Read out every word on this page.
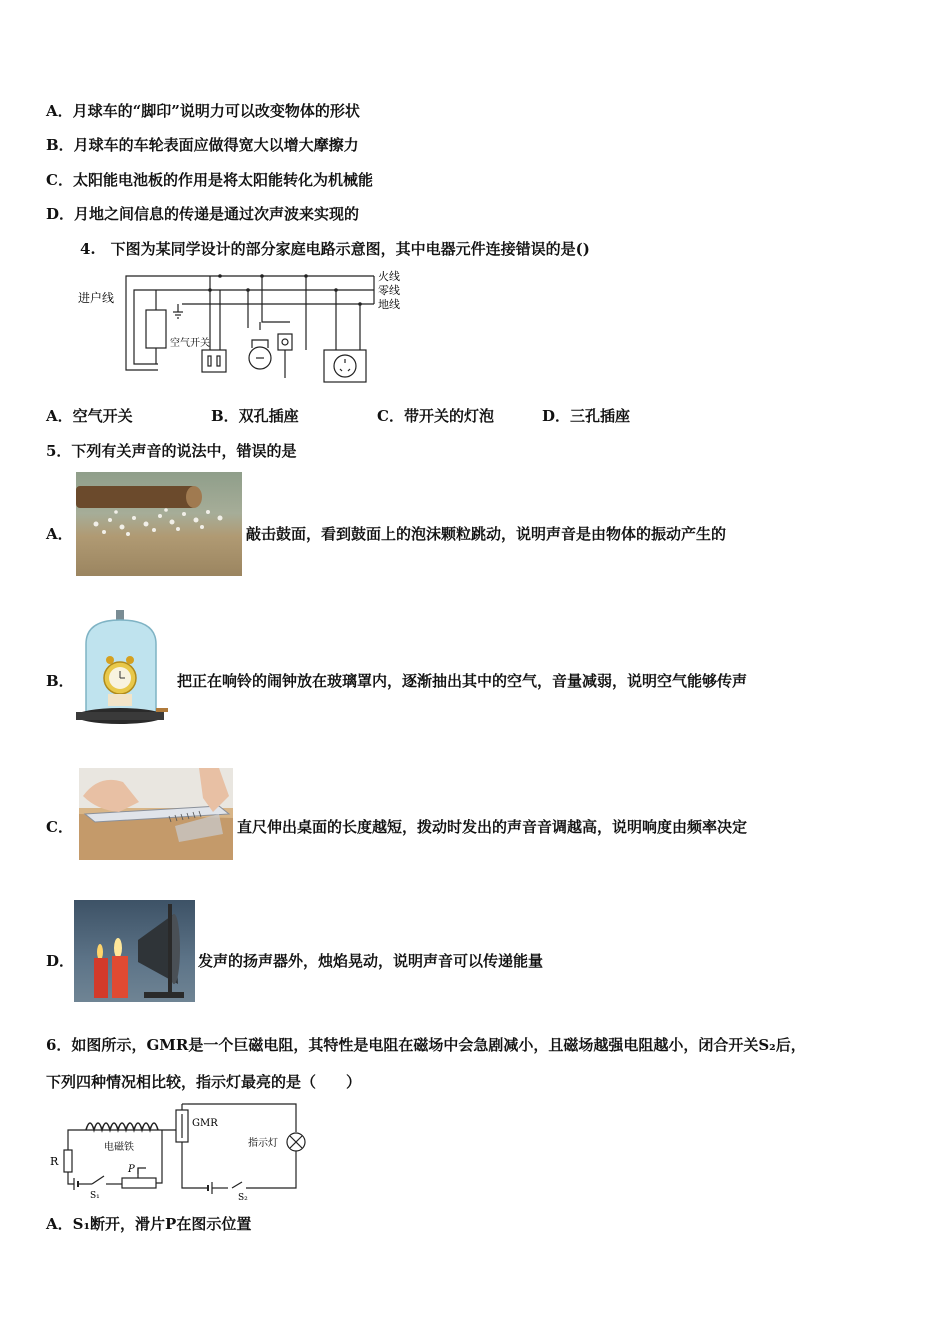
A．月球车的“脚印”说明力可以改变物体的形状
B．月球车的车轮表面应做得宽大以增大摩擦力
C．太阳能电池板的作用是将太阳能转化为机械能
D．月地之间信息的传递是通过次声波来实现的
4.　下图为某同学设计的部分家庭电路示意图，其中电器元件连接错误的是()
进户线
火线
零线
地线
空气开关
A．空气开关	B．双孔插座	C．带开关的灯泡	D．三孔插座
5．下列有关声音的说法中，错误的是
A．	敲击鼓面，看到鼓面上的泡沫颗粒跳动，说明声音是由物体的振动产生的
B．	把正在响铃的闹钟放在玻璃罩内，逐渐抽出其中的空气，音量减弱，说明空气能够传声
C．	直尺伸出桌面的长度越短，拨动时发出的声音音调越高，说明响度由频率决定
D．	发声的扬声器外，烛焰晃动，说明声音可以传递能量
6．如图所示，GMR是一个巨磁电阻，其特性是电阻在磁场中会急剧减小，且磁场越强电阻越小，闭合开关S₂后，
下列四种情况相比较，指示灯最亮的是（　　）
电磁铁
GMR
指示灯
R
P
S₁	S₂
A．S₁断开，滑片P在图示位置
